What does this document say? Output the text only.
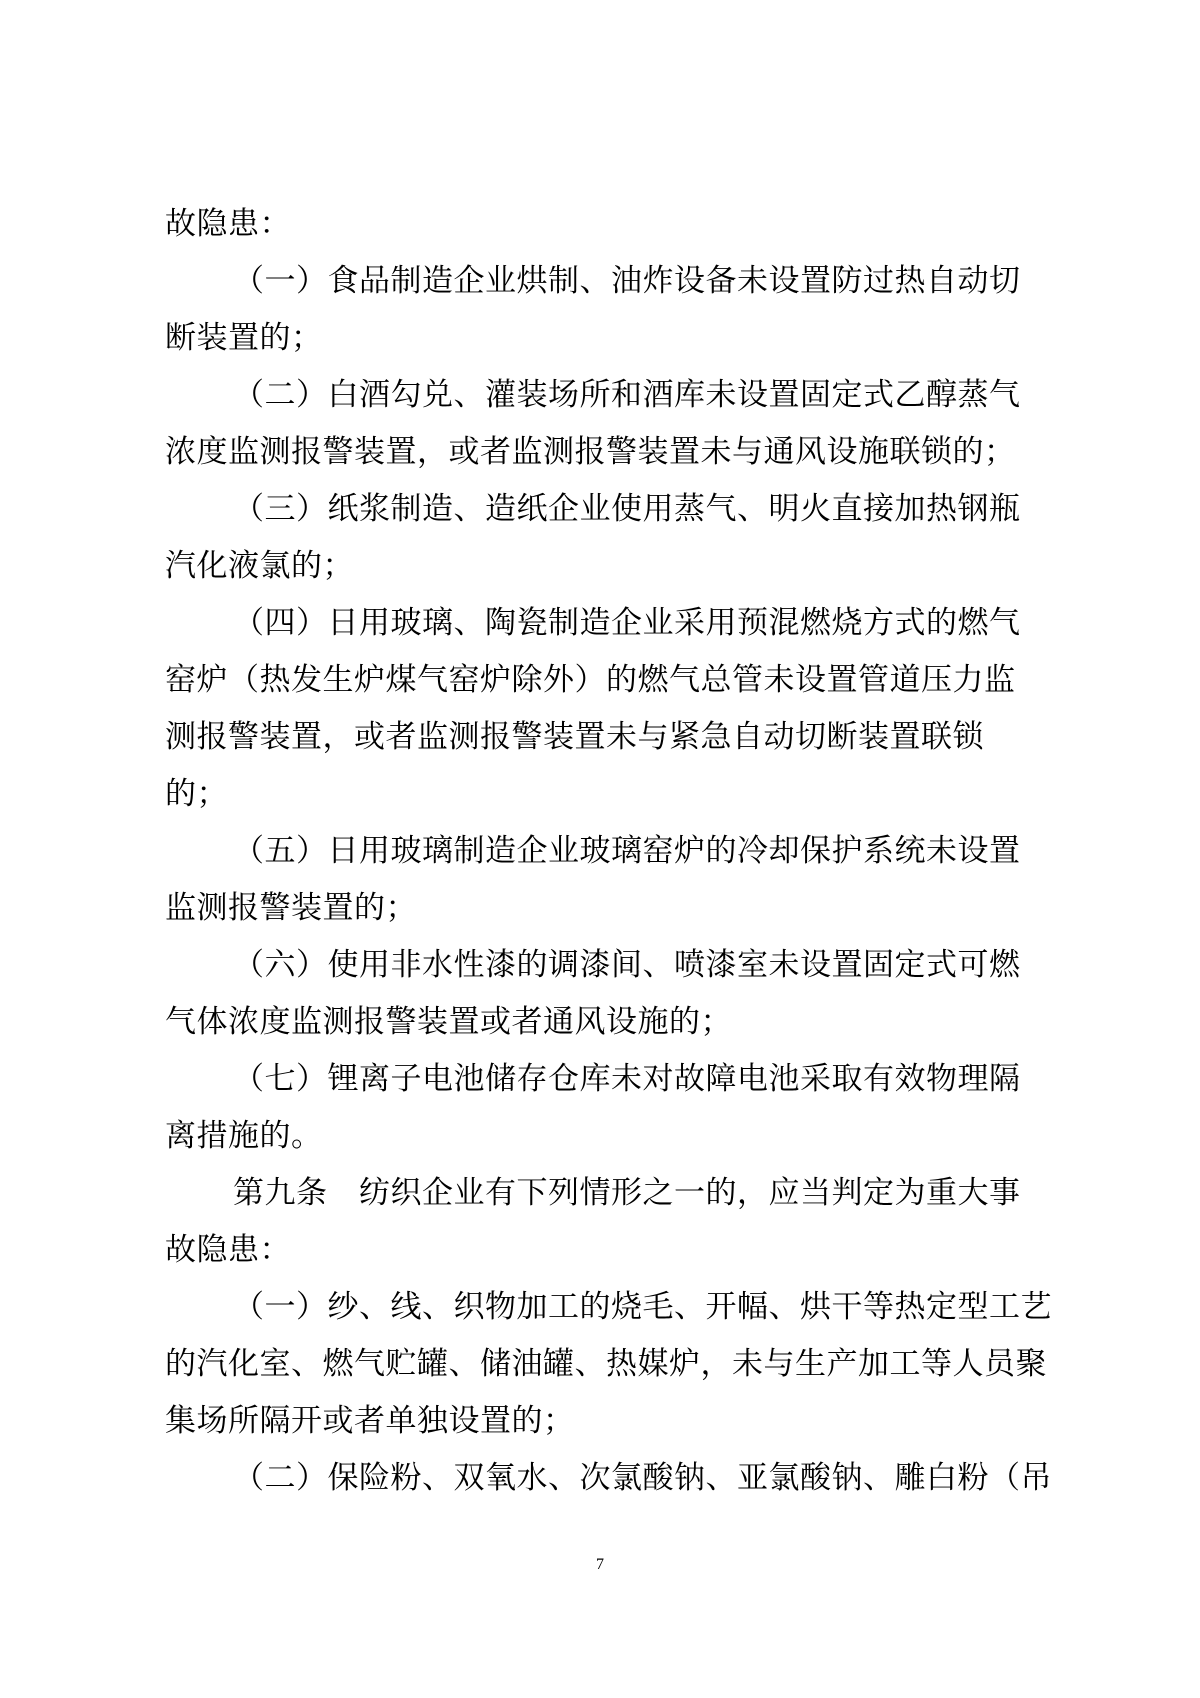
故隐患：
（一）食品制造企业烘制、油炸设备未设置防过热自动切
断装置的；
（二）白酒勾兑、灌装场所和酒库未设置固定式乙醇蒸气
浓度监测报警装置，或者监测报警装置未与通风设施联锁的；
（三）纸浆制造、造纸企业使用蒸气、明火直接加热钢瓶
汽化液氯的；
（四）日用玻璃、陶瓷制造企业采用预混燃烧方式的燃气
窑炉（热发生炉煤气窑炉除外）的燃气总管未设置管道压力监
测报警装置，或者监测报警装置未与紧急自动切断装置联锁
的；
（五）日用玻璃制造企业玻璃窑炉的冷却保护系统未设置
监测报警装置的；
（六）使用非水性漆的调漆间、喷漆室未设置固定式可燃
气体浓度监测报警装置或者通风设施的；
（七）锂离子电池储存仓库未对故障电池采取有效物理隔
离措施的。
第九条　纺织企业有下列情形之一的，应当判定为重大事
故隐患：
（一）纱、线、织物加工的烧毛、开幅、烘干等热定型工艺
的汽化室、燃气贮罐、储油罐、热媒炉，未与生产加工等人员聚
集场所隔开或者单独设置的；
（二）保险粉、双氧水、次氯酸钠、亚氯酸钠、雕白粉（吊
7
